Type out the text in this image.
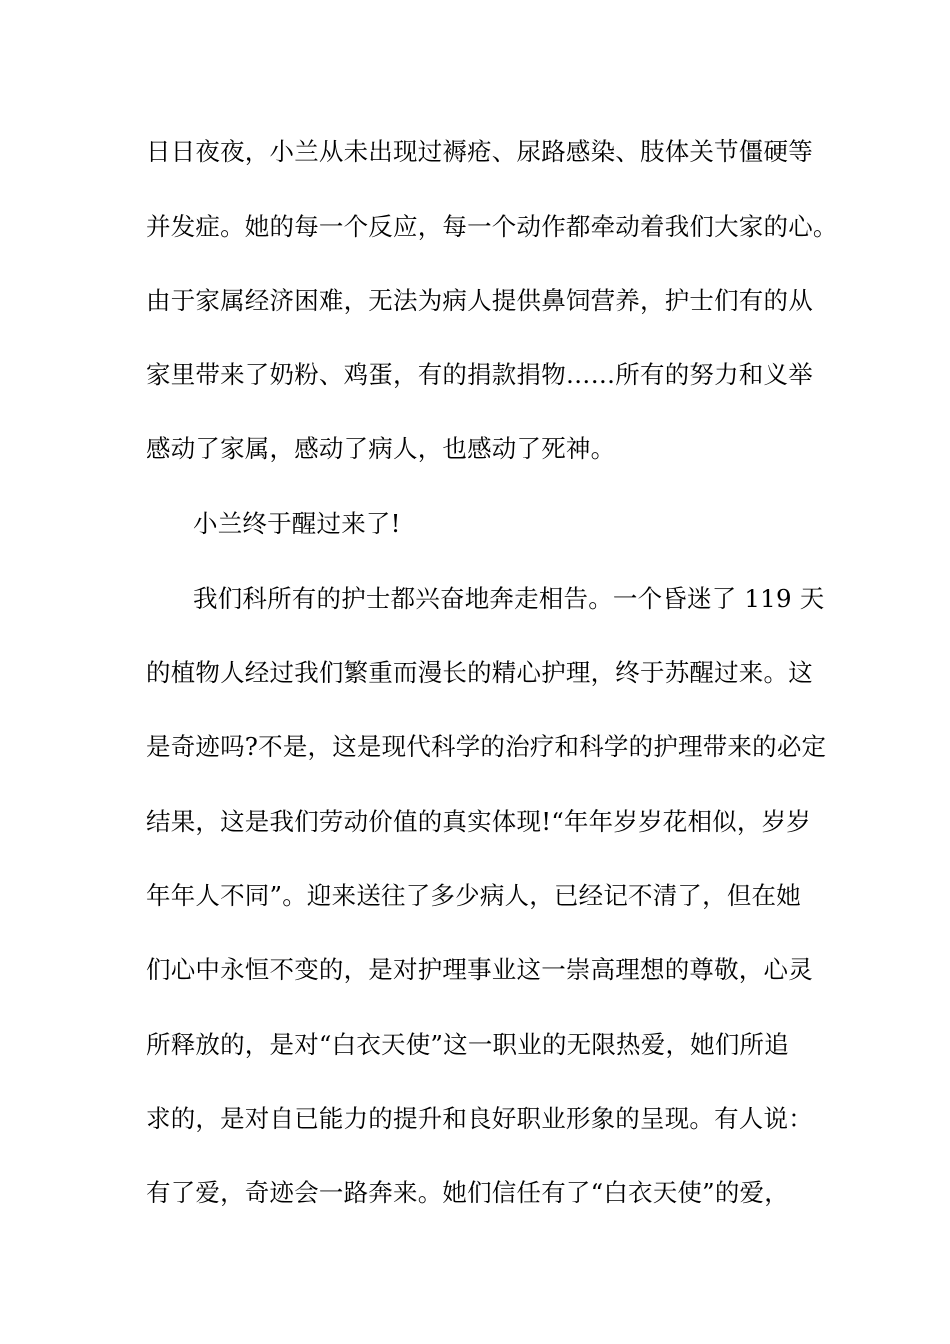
日日夜夜，小兰从未出现过褥疮、尿路感染、肢体关节僵硬等
并发症。她的每一个反应，每一个动作都牵动着我们大家的心。
由于家属经济困难，无法为病人提供鼻饲营养，护士们有的从
家里带来了奶粉、鸡蛋，有的捐款捐物……所有的努力和义举
感动了家属，感动了病人，也感动了死神。
小兰终于醒过来了!
我们科所有的护士都兴奋地奔走相告。一个昏迷了 119 天
的植物人经过我们繁重而漫长的精心护理，终于苏醒过来。这
是奇迹吗?不是，这是现代科学的治疗和科学的护理带来的必定
结果，这是我们劳动价值的真实体现!“年年岁岁花相似，岁岁
年年人不同”。迎来送往了多少病人，已经记不清了，但在她
们心中永恒不变的，是对护理事业这一崇高理想的尊敬，心灵
所释放的，是对“白衣天使”这一职业的无限热爱，她们所追
求的，是对自已能力的提升和良好职业形象的呈现。有人说：
有了爱，奇迹会一路奔来。她们信任有了“白衣天使”的爱，
